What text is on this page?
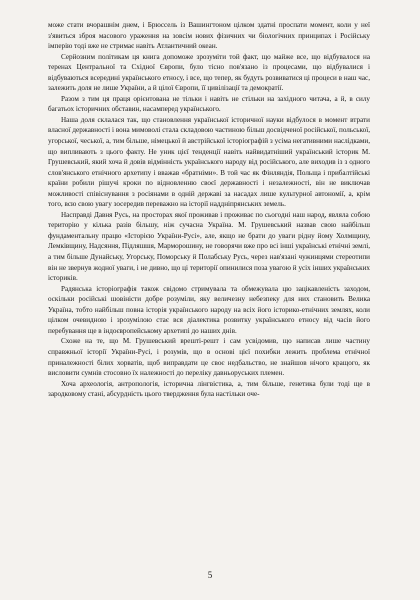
може стати вчорашнім днем, і Брюссель із Вашингтоном цілком здатні проспати момент, коли у неї з'явиться зброя масового ураження на зовсім нових фізичних чи біологічних принципах і Російську імперію тоді вже не стримає навіть Атлантичний океан.

Серйозним політикам ця книга допоможе зрозуміти той факт, що майже все, що відбувалося на теренах Центральної та Східної Європи, було тісно пов'язано із процесами, що відбувалися і відбуваються всередині українського етносу, і все, що тепер, як будуть розвиватися ці процеси в наш час, залежить доля не лише України, а й цілої Європи, її цивілізації та демократії.

Разом з тим ця праця орієнтована не тільки і навіть не стільки на західного читача, а й, в силу багатьох історичних обставин, насамперед українського.

Наша доля склалася так, що становлення української історичної науки відбулося в момент втрати власної державності і вона мимоволі стала складовою частиною більш досвідченої російської, польської, угорської, чеської, а, тим більше, німецької й австрійської історіографій з усіма негативними наслідками, що випливають з цього факту. Не уник цієї тенденції навіть найвидатніший український історик М. Грушевський, який хоча й довів відмінність українського народу від російського, але виходив із з одного слов'янського етнічного архетипу і вважав «братніми». В той час як Фінляндія, Польща і прибалтійські країни робили рішучі кроки по відновленню своєї державності і незалежності, він не виключав можливості співіснування з росіянами в одній державі за насадах лише культурної автономії, а, крім того, всю свою увагу зосередив переважно на історії наддніпрянських земель.

Насправді Давня Русь, на просторах якої проживав і проживає по сьогодні наш народ, являла собою територію у кілька разів більшу, ніж сучасна Україна. М. Грушевський назвав свою найбільш фундаментальну працю «Історією України-Русі», але, якщо не брати до уваги рідну йому Холмщину, Лемківщину, Надсяння, Підляшшя, Марморошину, не говорячи вже про всі інші українські етнічні землі, а тим більше Дунайську, Угорську, Поморську й Полабську Русь, через нав'язані чужинцями стереотипи він не звернув жодної уваги, і не дивно, що ці території опинилися поза увагою й усіх інших українських істориків.

Радянська історіографія також свідомо стримувала та обмежувала цю зацікавленість заходом, оскільки російські шовіністи добре розуміли, яку величезну небезпеку для них становить Велика Україна, тобто найбільш повна історія українського народу на всіх його історико-етнічних землях, коли цілком очевидною і зрозумілою стає вся діалектика розвитку українського етносу від часів його перебування ще в індоєвропейському архетипі до наших днів.

Схоже на те, що М. Грушевський врешті-решт і сам усвідомив, що написав лише частину справжньої історії України-Русі, і розумів, що в основі цієї похибки лежить проблема етнічної приналежності білих хорватів, щоб виправдати це своє недбальство, не знайшов нічого кращого, як висловити сумнів стосовно їх належності до переліку давньоруських племен.

Хоча археологія, антропологія, історична лінгвістика, а, тим більше, генетика були тоді ще в зародковому стані, абсурдність цього твердження була настільки оче-

5
